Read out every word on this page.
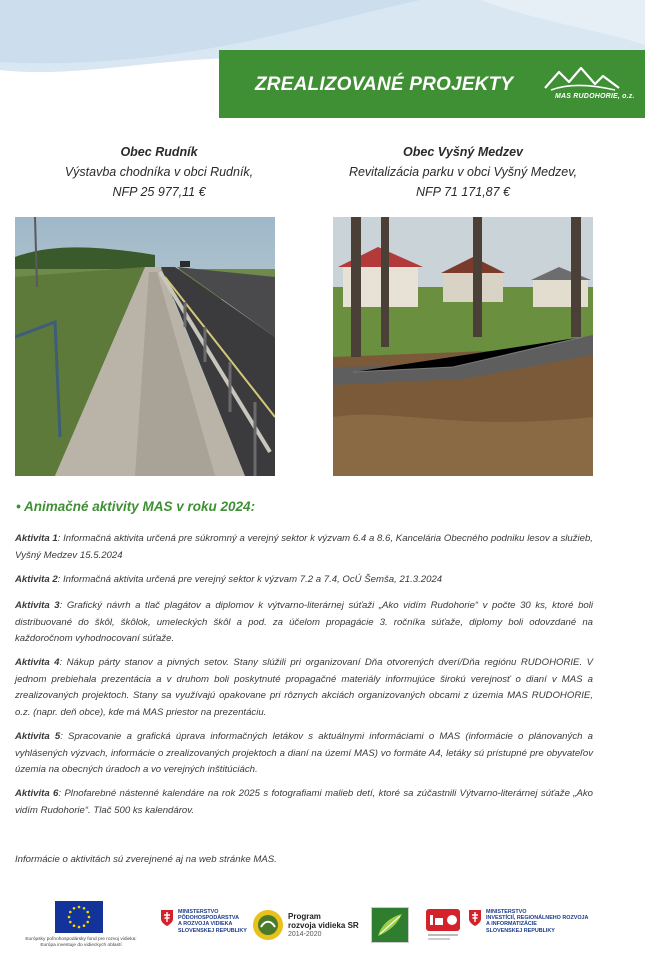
ZREALIZOVANÉ PROJEKTY
MAS RUDOHORIE, o.z.
Obec Rudník
Výstavba chodníka v obci Rudník,
NFP 25 977,11 €
Obec Vyšný Medzev
Revitalizácia parku v obci Vyšný Medzev,
NFP 71 171,87 €
• Animačné aktivity MAS v roku 2024:
Aktivita 1: Informačná aktivita určená pre súkromný a verejný sektor k výzvam 6.4 a 8.6, Kancelária Obecného podniku lesov a služieb, Vyšný Medzev 15.5.2024
Aktivita 2: Informačná aktivita určená pre verejný sektor k výzvam 7.2 a 7.4, OcÚ Šemša, 21.3.2024
Aktivita 3: Grafický návrh a tlač plagátov a diplomov k výtvarno-literárnej súťaži „Ako vidím Rudohorie“ v počte 30 ks, ktoré boli distribuované do škôl, škôlok, umeleckých škôl a pod. za účelom propagácie 3. ročníka súťaže, diplomy boli odovzdané na každoročnom vyhodnocovaní súťaže.
Aktivita 4: Nákup párty stanov a pivných setov. Stany slúžili pri organizovaní Dňa otvorených dverí/Dňa regiónu RUDOHORIE. V jednom prebiehala prezentácia a v druhom boli poskytnuté propagačné materiály informujúce širokú verejnosť o dianí v MAS a zrealizovaných projektoch. Stany sa využívajú opakovane pri rôznych akciách organizovaných obcami z územia MAS RUDOHORIE, o.z. (napr. deň obce), kde má MAS priestor na prezentáciu.
Aktivita 5: Spracovanie a grafická úprava informačných letákov s aktuálnymi informáciami o MAS (informácie o plánovaných a vyhlásených výzvach, informácie o zrealizovaných projektoch a dianí na území MAS) vo formáte A4, letáky sú prístupné pre obyvateľov územia na obecných úradoch a vo verejných inštitúciách.
Aktivita 6: Plnofarebné nástenné kalendáre na rok 2025 s fotografiami malieb detí, ktoré sa zúčastnili Výtvarno-literárnej súťaže „Ako vidím Rudohorie“. Tlač 500 ks kalendárov.
Informácie o aktivitách sú zverejnené aj na web stránke MAS.
Európsky poľnohospodársky fond pre rozvoj vidieka:
Európa investuje do vidieckych oblastí
MINISTERSTVO
PÔDOHOSPODÁRSTVA
A ROZVOJA VIDIEKA
SLOVENSKEJ REPUBLIKY
Program
rozvoja vidieka SR
2014-2020
MINISTERSTVO
INVESTÍCIÍ, REGIONÁLNEHO ROZVOJA
A INFORMATIZÁCIE
SLOVENSKEJ REPUBLIKY
